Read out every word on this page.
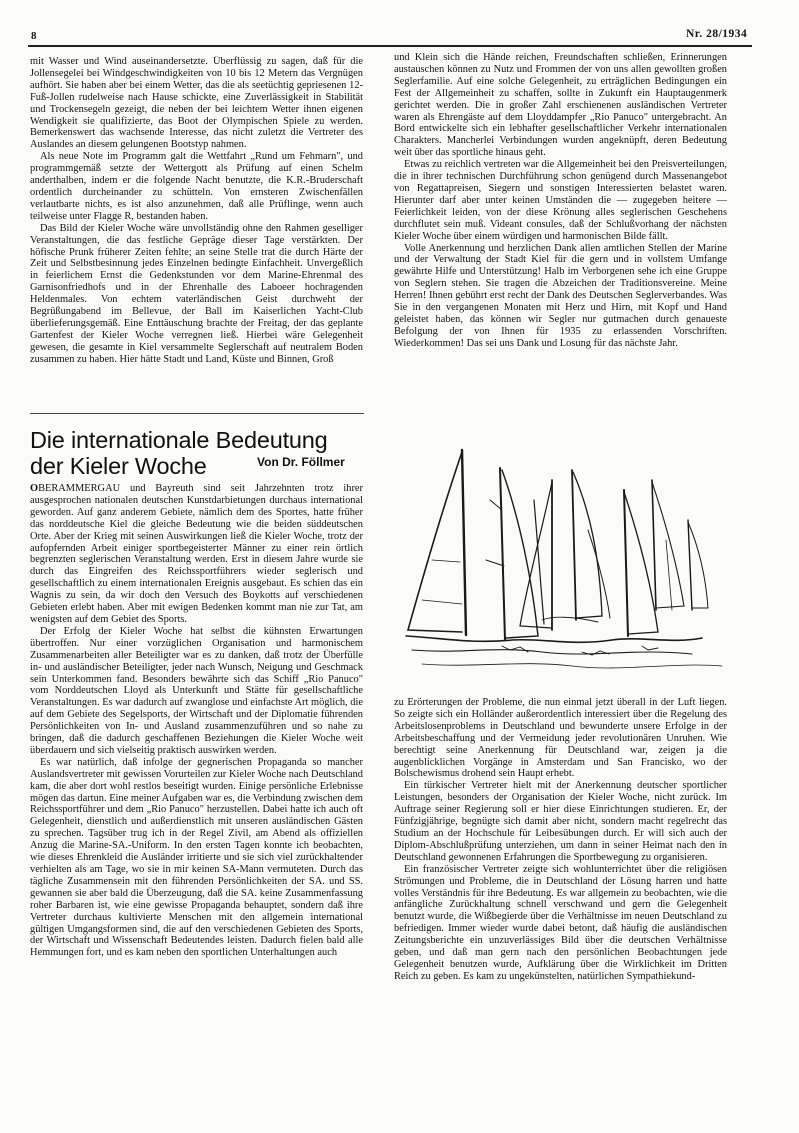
8	Nr. 28/1934

mit Wasser und Wind auseinandersetzte. Überflüssig zu sagen, daß für die Jollensegelei bei Windgeschwindigkeiten von 10 bis 12 Metern das Vergnügen aufhört. Sie haben aber bei einem Wetter, das die als seetüchtig gepriesenen 12-Fuß-Jollen rudelweise nach Hause schickte, eine Zuverlässigkeit in Stabilität und Trockensegeln gezeigt, die neben der bei leichtem Wetter ihnen eigenen Wendigkeit sie qualifizierte, das Boot der Olympischen Spiele zu werden. Bemerkenswert das wachsende Interesse, das nicht zuletzt die Vertreter des Auslandes an diesem gelungenen Bootstyp nahmen.

Als neue Note im Programm galt die Wettfahrt „Rund um Fehmarn", und programmgemäß setzte der Wettergott als Prüfung auf einen Schelm anderthalben, indem er die folgende Nacht benutzte, die K.R.-Bruderschaft ordentlich durcheinander zu schütteln. Von ernsteren Zwischenfällen verlautbarte nichts, es ist also anzunehmen, daß alle Prüflinge, wenn auch teilweise unter Flagge R, bestanden haben.

Das Bild der Kieler Woche wäre unvollständig ohne den Rahmen geselliger Veranstaltungen, die das festliche Gepräge dieser Tage verstärkten. Der höfische Prunk früherer Zeiten fehlte; an seine Stelle trat die durch Härte der Zeit und Selbstbesinnung jedes Einzelnen bedingte Einfachheit. Unvergeßlich in feierlichem Ernst die Gedenkstunden vor dem Marine-Ehrenmal des Garnisonfriedhofs und in der Ehrenhalle des Laboeer hochragenden Heldenmales. Von echtem vaterländischen Geist durchweht der Begrüßungabend im Bellevue, der Ball im Kaiserlichen Yacht-Club überlieferungsgemäß. Eine Enttäuschung brachte der Freitag, der das geplante Gartenfest der Kieler Woche verregnen ließ. Hierbei wäre Gelegenheit gewesen, die gesamte in Kiel versammelte Seglerschaft auf neutralem Boden zusammen zu haben. Hier hätte Stadt und Land, Küste und Binnen, Groß

und Klein sich die Hände reichen, Freundschaften schließen, Erinnerungen austauschen können zu Nutz und Frommen der von uns allen gewollten großen Seglerfamilie. Auf eine solche Gelegenheit, zu erträglichen Bedingungen ein Fest der Allgemeinheit zu schaffen, sollte in Zukunft ein Hauptaugenmerk gerichtet werden. Die in großer Zahl erschienenen ausländischen Vertreter waren als Ehrengäste auf dem Lloyddampfer „Rio Panuco" untergebracht. An Bord entwickelte sich ein lebhafter gesellschaftlicher Verkehr internationalen Charakters. Mancherlei Verbindungen wurden angeknüpft, deren Bedeutung weit über das sportliche hinaus geht.

Etwas zu reichlich vertreten war die Allgemeinheit bei den Preisverteilungen, die in ihrer technischen Durchführung schon genügend durch Massenangebot von Regattapreisen, Siegern und sonstigen Interessierten belastet waren. Hierunter darf aber unter keinen Umständen die — zugegeben heitere — Feierlichkeit leiden, von der diese Krönung alles seglerischen Geschehens durchflutet sein muß. Videant consules, daß der Schlußvorhang der nächsten Kieler Woche über einem würdigen und harmonischen Bilde fällt.

Volle Anerkennung und herzlichen Dank allen amtlichen Stellen der Marine und der Verwaltung der Stadt Kiel für die gern und in vollstem Umfange gewährte Hilfe und Unterstützung! Halb im Verborgenen sehe ich eine Gruppe von Seglern stehen. Sie tragen die Abzeichen der Traditionsvereine. Meine Herren! Ihnen gebührt erst recht der Dank des Deutschen Seglerverbandes. Was Sie in den vergangenen Monaten mit Herz und Hirn, mit Kopf und Hand geleistet haben, das können wir Segler nur gutmachen durch genaueste Befolgung der von Ihnen für 1935 zu erlassenden Vorschriften. Wiederkommen! Das sei uns Dank und Losung für das nächste Jahr.

Die internationale Bedeutung der Kieler Woche	Von Dr. Föllmer

OBERAMMERGAU und Bayreuth sind seit Jahrzehnten trotz ihrer ausgesprochen nationalen deutschen Kunstdarbietungen durchaus international geworden. Auf ganz anderem Gebiete, nämlich dem des Sportes, hatte früher das norddeutsche Kiel die gleiche Bedeutung wie die beiden süddeutschen Orte. Aber der Krieg mit seinen Auswirkungen ließ die Kieler Woche, trotz der aufopfernden Arbeit einiger sportbegeisterter Männer zu einer rein örtlich begrenzten seglerischen Veranstaltung werden. Erst in diesem Jahre wurde sie durch das Eingreifen des Reichssportführers wieder seglerisch und gesellschaftlich zu einem internationalen Ereignis ausgebaut. Es schien das ein Wagnis zu sein, da wir doch den Versuch des Boykotts auf verschiedenen Gebieten erlebt haben. Aber mit ewigen Bedenken kommt man nie zur Tat, am wenigsten auf dem Gebiet des Sports.

Der Erfolg der Kieler Woche hat selbst die kühnsten Erwartungen übertroffen. Nur einer vorzüglichen Organisation und harmonischem Zusammenarbeiten aller Beteiligter war es zu danken, daß trotz der Überfülle in- und ausländischer Beteiligter, jeder nach Wunsch, Neigung und Geschmack sein Unterkommen fand. Besonders bewährte sich das Schiff „Rio Panuco" vom Norddeutschen Lloyd als Unterkunft und Stätte für gesellschaftliche Veranstaltungen. Es war dadurch auf zwanglose und einfachste Art möglich, die auf dem Gebiete des Segelsports, der Wirtschaft und der Diplomatie führenden Persönlichkeiten von In- und Ausland zusammenzuführen und so nahe zu bringen, daß die dadurch geschaffenen Beziehungen die Kieler Woche weit überdauern und sich vielseitig praktisch auswirken werden.

Es war natürlich, daß infolge der gegnerischen Propaganda so mancher Auslandsvertreter mit gewissen Vorurteilen zur Kieler Woche nach Deutschland kam, die aber dort wohl restlos beseitigt wurden. Einige persönliche Erlebnisse mögen das dartun. Eine meiner Aufgaben war es, die Verbindung zwischen dem Reichssportführer und dem „Rio Panuco" herzustellen. Dabei hatte ich auch oft Gelegenheit, dienstlich und außerdienstlich mit unseren ausländischen Gästen zu sprechen. Tagsüber trug ich in der Regel Zivil, am Abend als offiziellen Anzug die Marine-SA.-Uniform. In den ersten Tagen konnte ich beobachten, wie dieses Ehrenkleid die Ausländer irritierte und sie sich viel zurückhaltender verhielten als am Tage, wo sie in mir keinen SA-Mann vermuteten. Durch das tägliche Zusammensein mit den führenden Persönlichkeiten der SA. und SS. gewannen sie aber bald die Überzeugung, daß die SA. keine Zusammenfassung roher Barbaren ist, wie eine gewisse Propaganda behauptet, sondern daß ihre Vertreter durchaus kultivierte Menschen mit den allgemein international gültigen Umgangsformen sind, die auf den verschiedenen Gebieten des Sports, der Wirtschaft und Wissenschaft Bedeutendes leisten. Dadurch fielen bald alle Hemmungen fort, und es kam neben den sportlichen Unterhaltungen auch

zu Erörterungen der Probleme, die nun einmal jetzt überall in der Luft liegen. So zeigte sich ein Holländer außerordentlich interessiert über die Regelung des Arbeitslosenproblems in Deutschland und bewunderte unsere Erfolge in der Arbeitsbeschaffung und der Vermeidung jeder revolutionären Unruhen. Wie berechtigt seine Anerkennung für Deutschland war, zeigen ja die augenblicklichen Vorgänge in Amsterdam und San Francisko, wo der Bolschewismus drohend sein Haupt erhebt.

Ein türkischer Vertreter hielt mit der Anerkennung deutscher sportlicher Leistungen, besonders der Organisation der Kieler Woche, nicht zurück. Im Auftrage seiner Regierung soll er hier diese Einrichtungen studieren. Er, der Fünfzigjährige, begnügte sich damit aber nicht, sondern macht regelrecht das Studium an der Hochschule für Leibesübungen durch. Er will sich auch der Diplom-Abschlußprüfung unterziehen, um dann in seiner Heimat nach den in Deutschland gewonnenen Erfahrungen die Sportbewegung zu organisieren.

Ein französischer Vertreter zeigte sich wohlunterrichtet über die religiösen Strömungen und Probleme, die in Deutschland der Lösung harren und hatte volles Verständnis für ihre Bedeutung. Es war allgemein zu beobachten, wie die anfängliche Zurückhaltung schnell verschwand und gern die Gelegenheit benutzt wurde, die Wißbegierde über die Verhältnisse im neuen Deutschland zu befriedigen. Immer wieder wurde dabei betont, daß häufig die ausländischen Zeitungsberichte ein unzuverlässiges Bild über die deutschen Verhältnisse geben, und daß man gern nach den persönlichen Beobachtungen jede Gelegenheit benutzen wurde, Aufklärung über die Wirklichkeit im Dritten Reich zu geben. Es kam zu ungekünstelten, natürlichen Sympathiekund-
